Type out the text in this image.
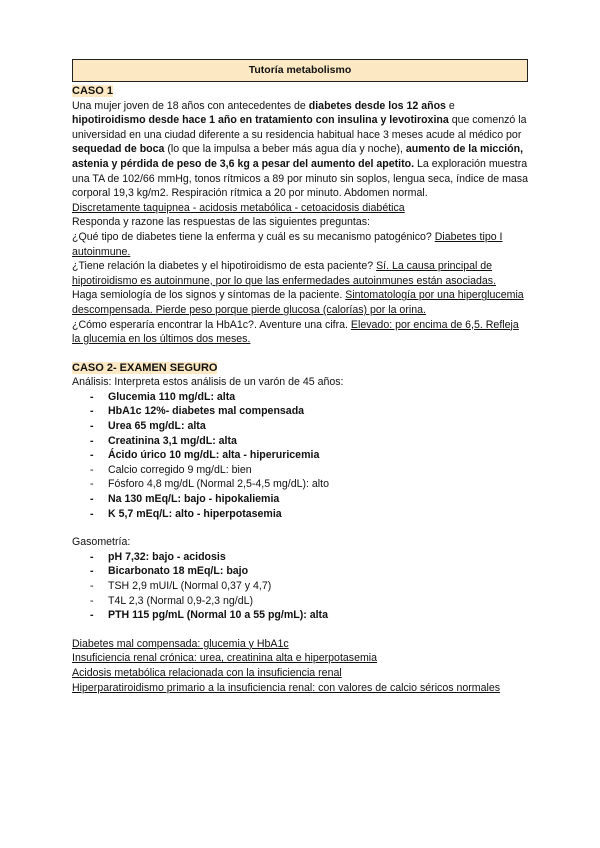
Tutoría metabolismo
CASO 1

Una mujer joven de 18 años con antecedentes de diabetes desde los 12 años e hipotiroidismo desde hace 1 año en tratamiento con insulina y levotiroxina que comenzó la universidad en una ciudad diferente a su residencia habitual hace 3 meses acude al médico por sequedad de boca (lo que la impulsa a beber más agua día y noche), aumento de la micción, astenia y pérdida de peso de 3,6 kg a pesar del aumento del apetito. La exploración muestra una TA de 102/66 mmHg, tonos rítmicos a 89 por minuto sin soplos, lengua seca, índice de masa corporal 19,3 kg/m2. Respiración rítmica a 20 por minuto. Abdomen normal.

Discretamente taquipnea - acidosis metabólica - cetoacidosis diabética

Responda y razone las respuestas de las siguientes preguntas:

¿Qué tipo de diabetes tiene la enferma y cuál es su mecanismo patogénico? Diabetes tipo I autoinmune.

¿Tiene relación la diabetes y el hipotiroidismo de esta paciente? Sí. La causa principal de hipotiroidismo es autoinmune, por lo que las enfermedades autoinmunes están asociadas.

Haga semiología de los signos y síntomas de la paciente. Sintomatología por una hiperglucemia descompensada. Pierde peso porque pierde glucosa (calorías) por la orina.

¿Cómo esperaría encontrar la HbA1c?. Aventure una cifra. Elevado: por encima de 6,5. Refleja la glucemia en los últimos dos meses.

CASO 2- EXAMEN SEGURO

Análisis: Interpreta estos análisis de un varón de 45 años:

- Glucemia 110 mg/dL: alta
- HbA1c 12%- diabetes mal compensada
- Urea 65 mg/dL: alta
- Creatinina 3,1 mg/dL: alta
- Ácido úrico 10 mg/dL: alta - hiperuricemia
- Calcio corregido 9 mg/dL: bien
- Fósforo 4,8 mg/dL (Normal 2,5-4,5 mg/dL): alto
- Na 130 mEq/L: bajo - hipokaliemia
- K 5,7 mEq/L: alto - hiperpotasemia

Gasometría:

- pH 7,32: bajo - acidosis
- Bicarbonato 18 mEq/L: bajo
- TSH 2,9 mUI/L (Normal 0,37 y 4,7)
- T4L 2,3 (Normal 0,9-2,3 ng/dL)
- PTH 115 pg/mL (Normal 10 a 55 pg/mL): alta

Diabetes mal compensada: glucemia y HbA1c

Insuficiencia renal crónica: urea, creatinina alta e hiperpotasemia

Acidosis metabólica relacionada con la insuficiencia renal

Hiperparatiroidismo primario a la insuficiencia renal: con valores de calcio séricos normales
